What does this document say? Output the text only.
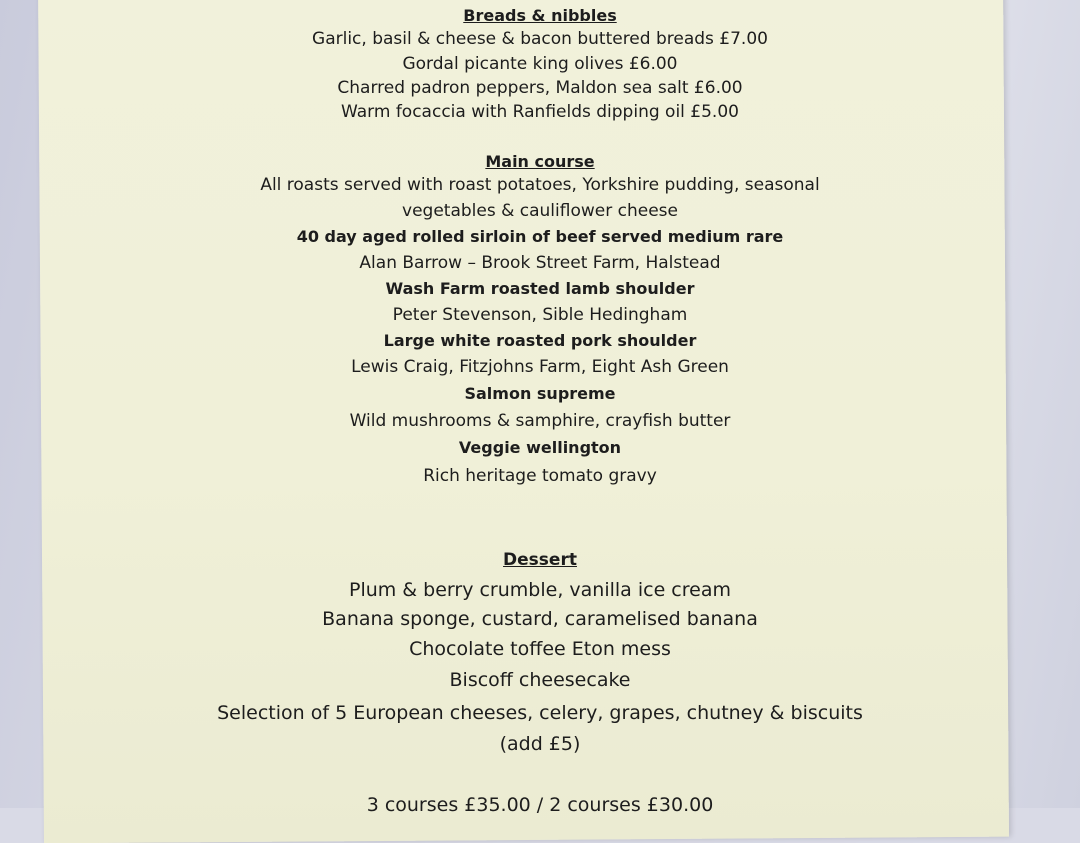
Breads & nibbles
Garlic, basil & cheese & bacon buttered breads £7.00
Gordal picante king olives £6.00
Charred padron peppers, Maldon sea salt £6.00
Warm focaccia with Ranfields dipping oil £5.00
Main course
All roasts served with roast potatoes, Yorkshire pudding, seasonal
vegetables & cauliflower cheese
40 day aged rolled sirloin of beef served medium rare
Alan Barrow – Brook Street Farm, Halstead
Wash Farm roasted lamb shoulder
Peter Stevenson, Sible Hedingham
Large white roasted pork shoulder
Lewis Craig, Fitzjohns Farm, Eight Ash Green
Salmon supreme
Wild mushrooms & samphire, crayfish butter
Veggie wellington
Rich heritage tomato gravy
Dessert
Plum & berry crumble, vanilla ice cream
Banana sponge, custard, caramelised banana
Chocolate toffee Eton mess
Biscoff cheesecake
Selection of 5 European cheeses, celery, grapes, chutney & biscuits
(add £5)
3 courses £35.00 / 2 courses £30.00
